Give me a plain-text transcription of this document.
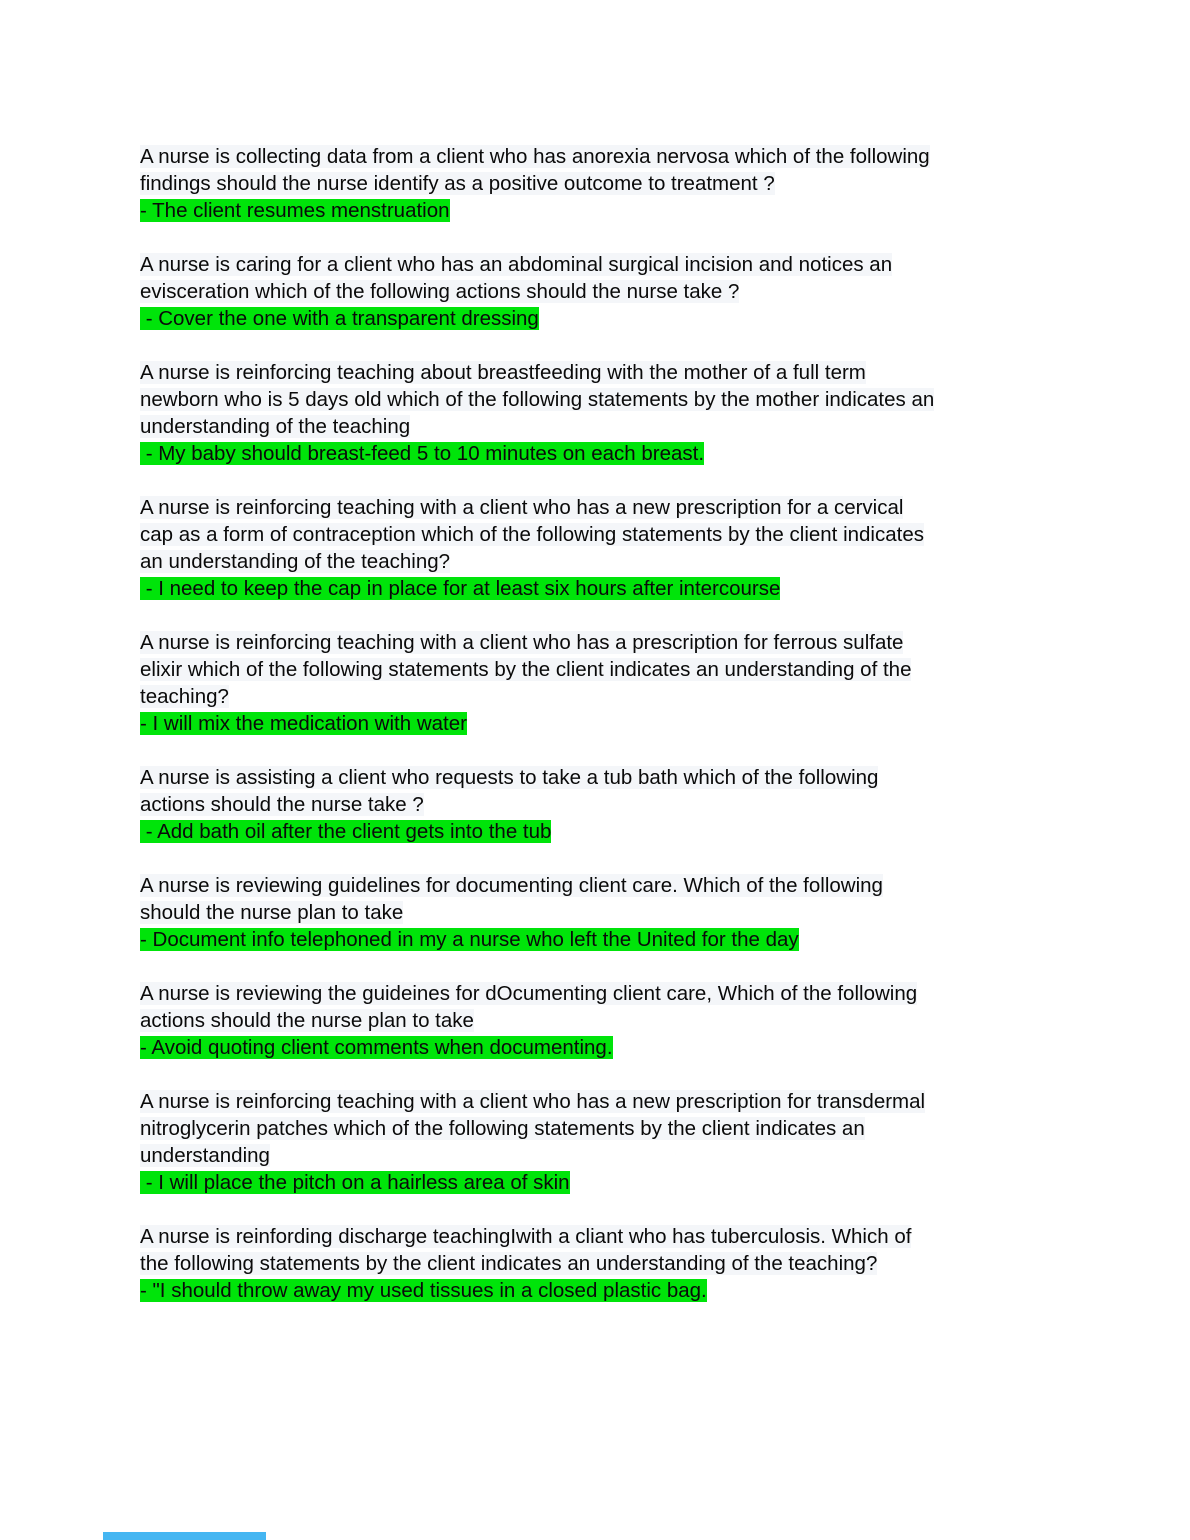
A nurse is collecting data from a client who has anorexia nervosa which of the following
findings should the nurse identify as a positive outcome to treatment ?
- The client resumes menstruation
A nurse is caring for a client who has an abdominal surgical incision and notices an
evisceration which of the following actions should the nurse take ?
- Cover the one with a transparent dressing
A nurse is reinforcing teaching about breastfeeding with the mother of a full term
newborn who is 5 days old which of the following statements by the mother indicates an
understanding of the teaching
- My baby should breast-feed 5 to 10 minutes on each breast.
A nurse is reinforcing teaching with a client who has a new prescription for a cervical
cap as a form of contraception which of the following statements by the client indicates
an understanding of the teaching?
- I need to keep the cap in place for at least six hours after intercourse
A nurse is reinforcing teaching with a client who has a prescription for ferrous sulfate
elixir which of the following statements by the client indicates an understanding of the
teaching?
- I will mix the medication with water
A nurse is assisting a client who requests to take a tub bath which of the following
actions should the nurse take ?
- Add bath oil after the client gets into the tub
A nurse is reviewing guidelines for documenting client care. Which of the following
should the nurse plan to take
- Document info telephoned in my a nurse who left the United for the day
A nurse is reviewing the guideines for dOcumenting client care, Which of the following
actions should the nurse plan to take
- Avoid quoting client comments when documenting.
A nurse is reinforcing teaching with a client who has a new prescription for transdermal
nitroglycerin patches which of the following statements by the client indicates an
understanding
- I will place the pitch on a hairless area of skin
A nurse is reinfording discharge teachingIwith a cliant who has tuberculosis. Which of
the following statements by the client indicates an understanding of the teaching?
- "I should throw away my used tissues in a closed plastic bag.
